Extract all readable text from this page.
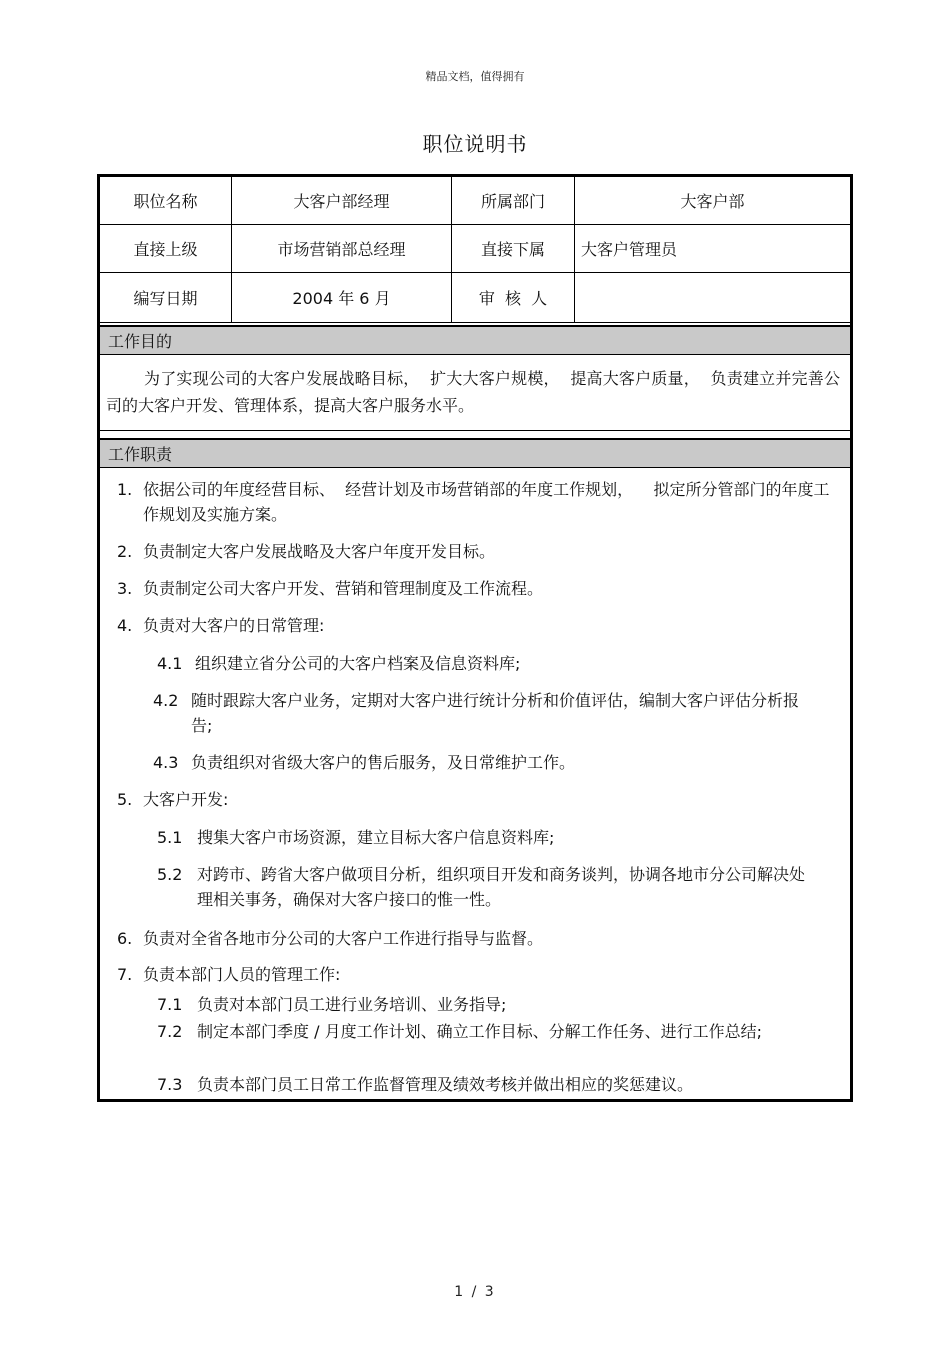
精品文档，值得拥有
职位说明书
职位名称	大客户部经理	所属部门	大客户部
直接上级	市场营销部总经理	直接下属	大客户管理员
编写日期	2004 年 6 月	审  核  人
工作目的

为了实现公司的大客户发展战略目标，  扩大大客户规模，  提高大客户质量，  负责建立并完善公司的大客户开发、管理体系，提高大客户服务水平。

工作职责
1. 依据公司的年度经营目标、  经营计划及市场营销部的年度工作规划，    拟定所分管部门的年度工作规划及实施方案。
2. 负责制定大客户发展战略及大客户年度开发目标。
3. 负责制定公司大客户开发、营销和管理制度及工作流程。
4. 负责对大客户的日常管理:
4.1 组织建立省分公司的大客户档案及信息资料库;
4.2 随时跟踪大客户业务，定期对大客户进行统计分析和价值评估，编制大客户评估分析报告;
4.3 负责组织对省级大客户的售后服务，及日常维护工作。
5. 大客户开发:
5.1 搜集大客户市场资源，建立目标大客户信息资料库;
5.2 对跨市、跨省大客户做项目分析，组织项目开发和商务谈判，协调各地市分公司解决处理相关事务，确保对大客户接口的惟一性。
6. 负责对全省各地市分公司的大客户工作进行指导与监督。
7. 负责本部门人员的管理工作:
7.1 负责对本部门员工进行业务培训、业务指导;
7.2 制定本部门季度 / 月度工作计划、确立工作目标、分解工作任务、进行工作总结;
7.3 负责本部门员工日常工作监督管理及绩效考核并做出相应的奖惩建议。
1 / 3
